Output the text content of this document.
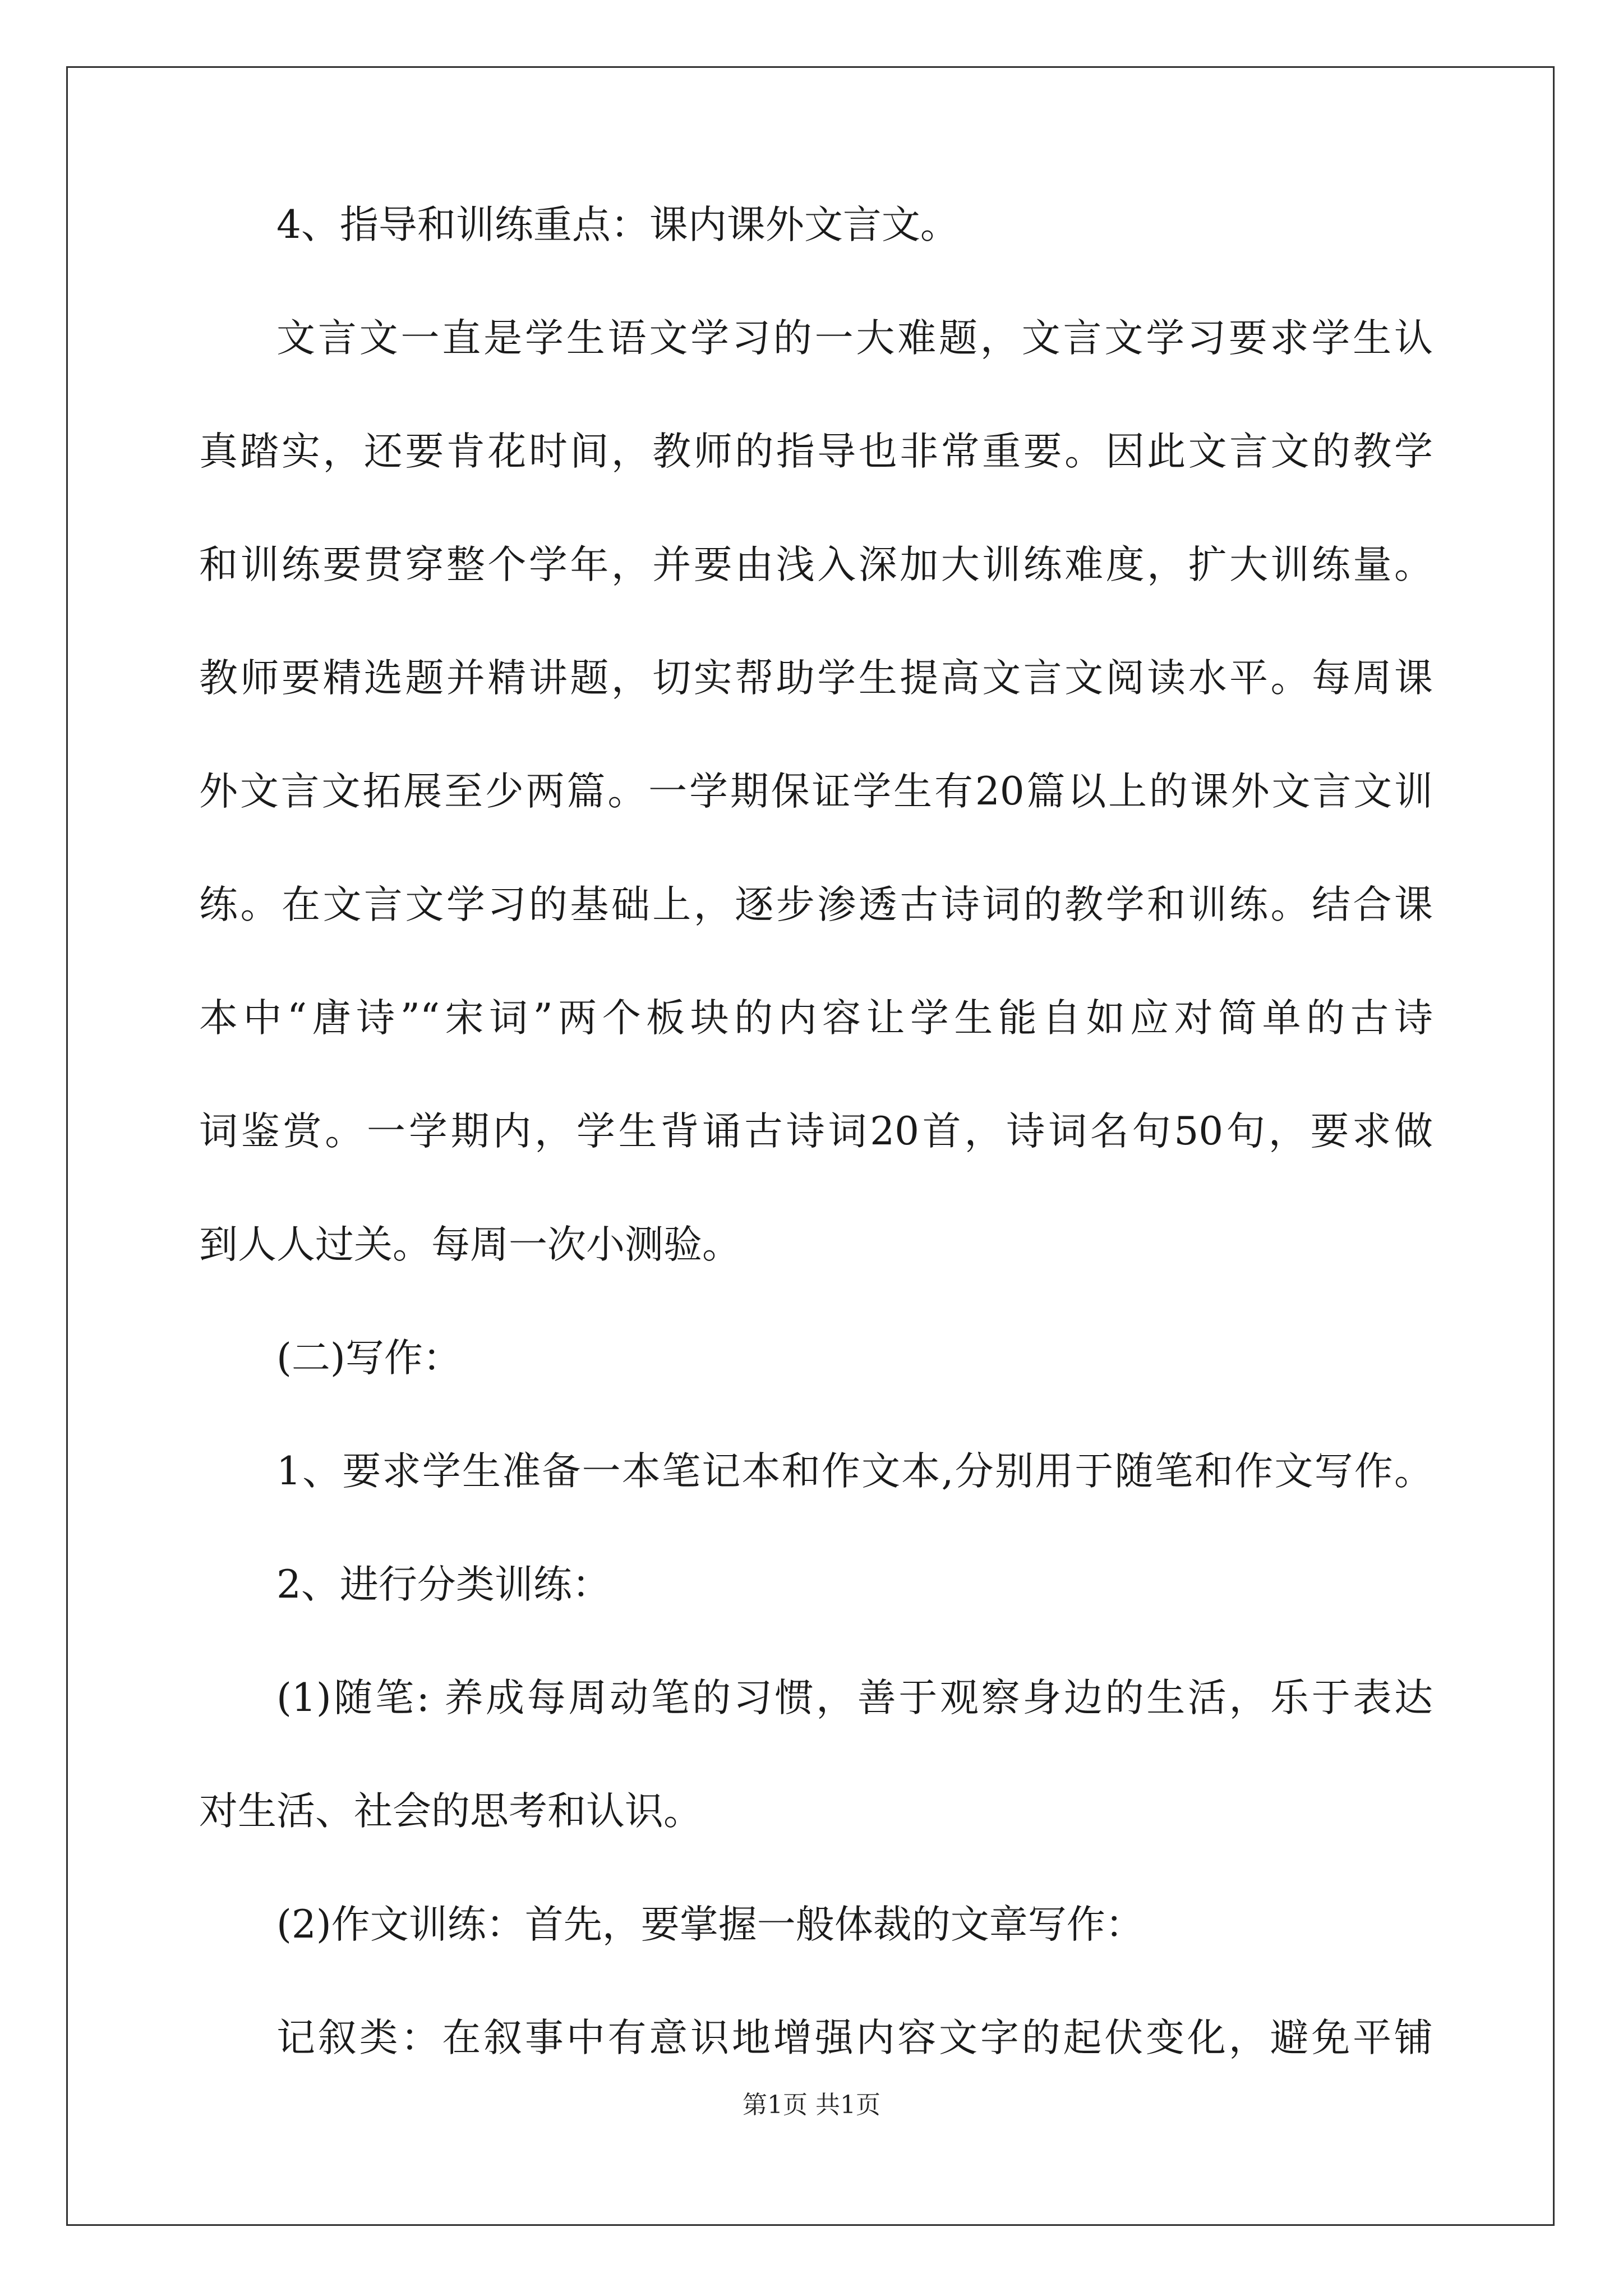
4、指导和训练重点：课内课外文言文。
文言文一直是学生语文学习的一大难题，文言文学习要求学生认
真踏实，还要肯花时间，教师的指导也非常重要。因此文言文的教学
和训练要贯穿整个学年，并要由浅入深加大训练难度，扩大训练量。
教师要精选题并精讲题，切实帮助学生提高文言文阅读水平。每周课
外文言文拓展至少两篇。一学期保证学生有20篇以上的课外文言文训
练。在文言文学习的基础上，逐步渗透古诗词的教学和训练。结合课
本中“唐诗”“宋词”两个板块的内容让学生能自如应对简单的古诗
词鉴赏。一学期内，学生背诵古诗词20首，诗词名句50句，要求做
到人人过关。每周一次小测验。
(二)写作：
1、要求学生准备一本笔记本和作文本,分别用于随笔和作文写作。
2、进行分类训练：
(1)随笔: 养成每周动笔的习惯，善于观察身边的生活，乐于表达
对生活、社会的思考和认识。
(2)作文训练：首先，要掌握一般体裁的文章写作：
记叙类：在叙事中有意识地增强内容文字的起伏变化，避免平铺
第1页 共1页
